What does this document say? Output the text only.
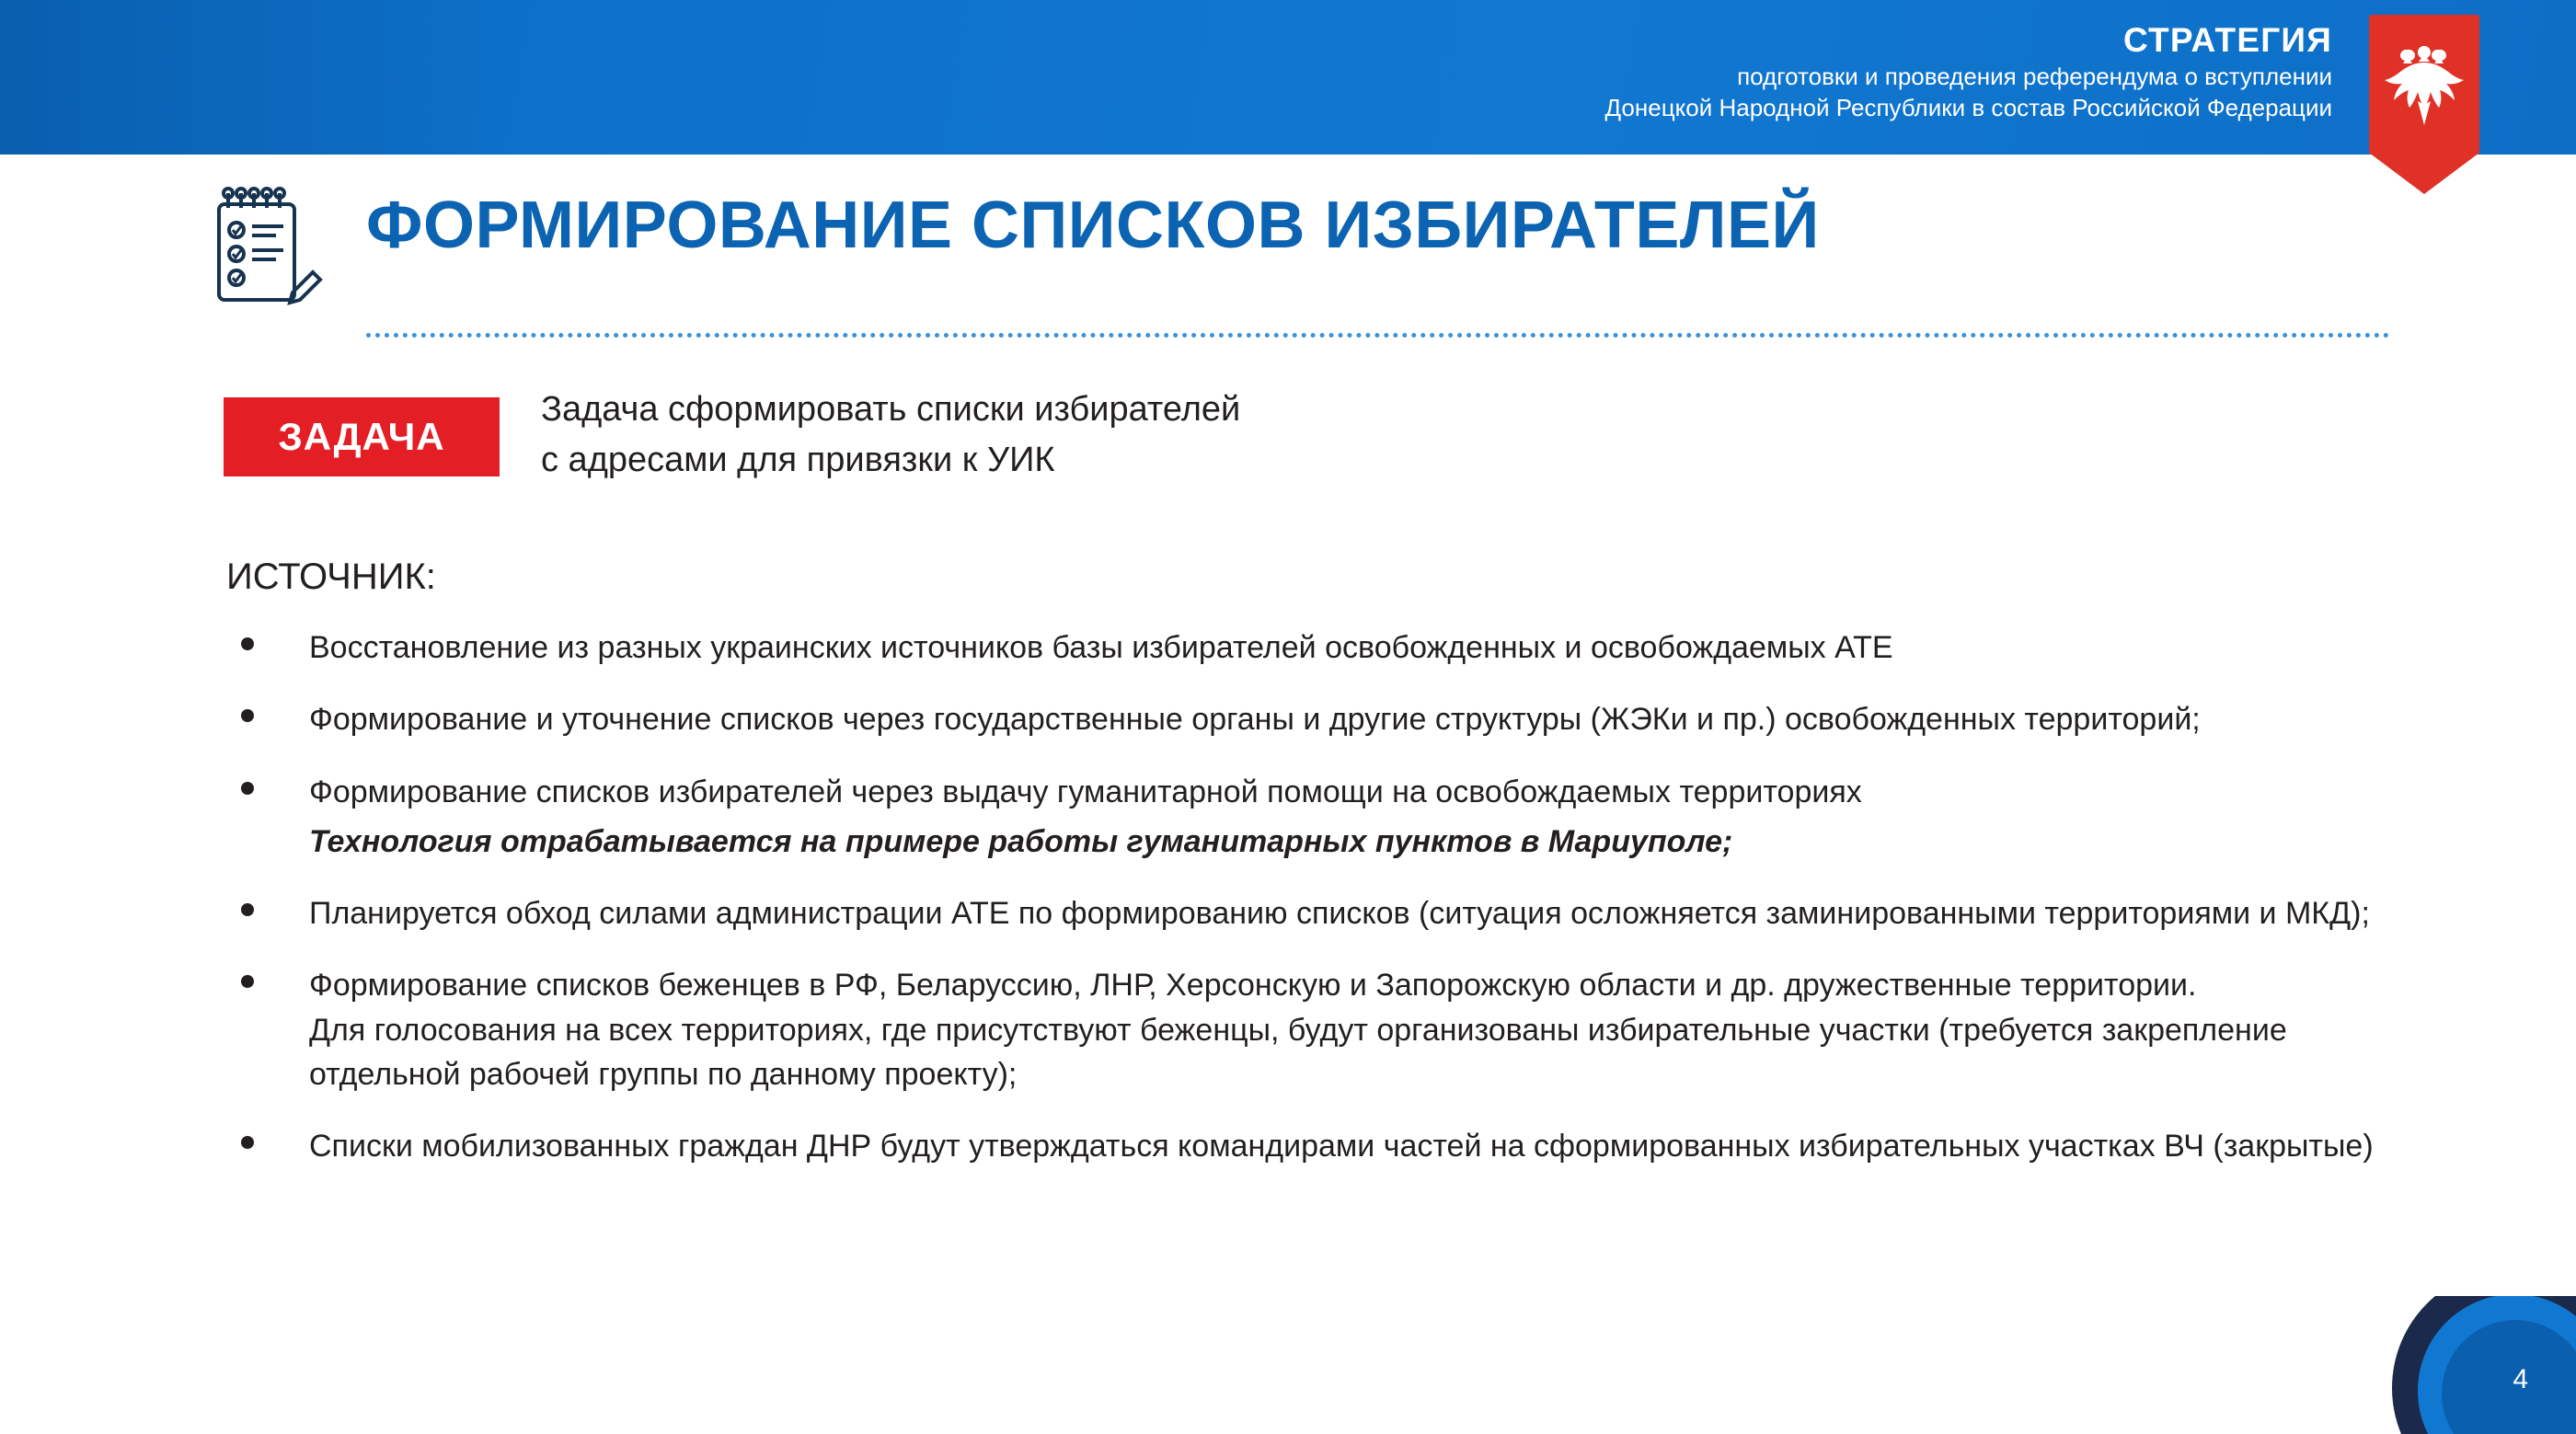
СТРАТЕГИЯ
подготовки и проведения референдума о вступлении
Донецкой Народной Республики в состав Российской Федерации
ФОРМИРОВАНИЕ СПИСКОВ ИЗБИРАТЕЛЕЙ
ЗАДАЧА
Задача сформировать списки избирателей
с адресами для привязки к УИК
ИСТОЧНИК:
Восстановление из разных украинских источников базы избирателей освобожденных и освобождаемых АТЕ
Формирование и уточнение списков через государственные органы и другие структуры (ЖЭКи и пр.) освобожденных территорий;
Формирование списков избирателей через выдачу гуманитарной помощи на освобождаемых территориях
Технология отрабатывается на примере работы гуманитарных пунктов в Мариуполе;
Планируется обход силами администрации АТЕ по формированию списков (ситуация осложняется заминированными территориями и МКД);
Формирование списков беженцев в РФ, Беларуссию, ЛНР, Херсонскую и Запорожскую области и др. дружественные территории.
Для голосования на всех территориях, где присутствуют беженцы, будут организованы избирательные участки (требуется закрепление отдельной рабочей группы по данному проекту);
Списки мобилизованных граждан ДНР будут утверждаться командирами частей на сформированных избирательных участках ВЧ (закрытые)
4
